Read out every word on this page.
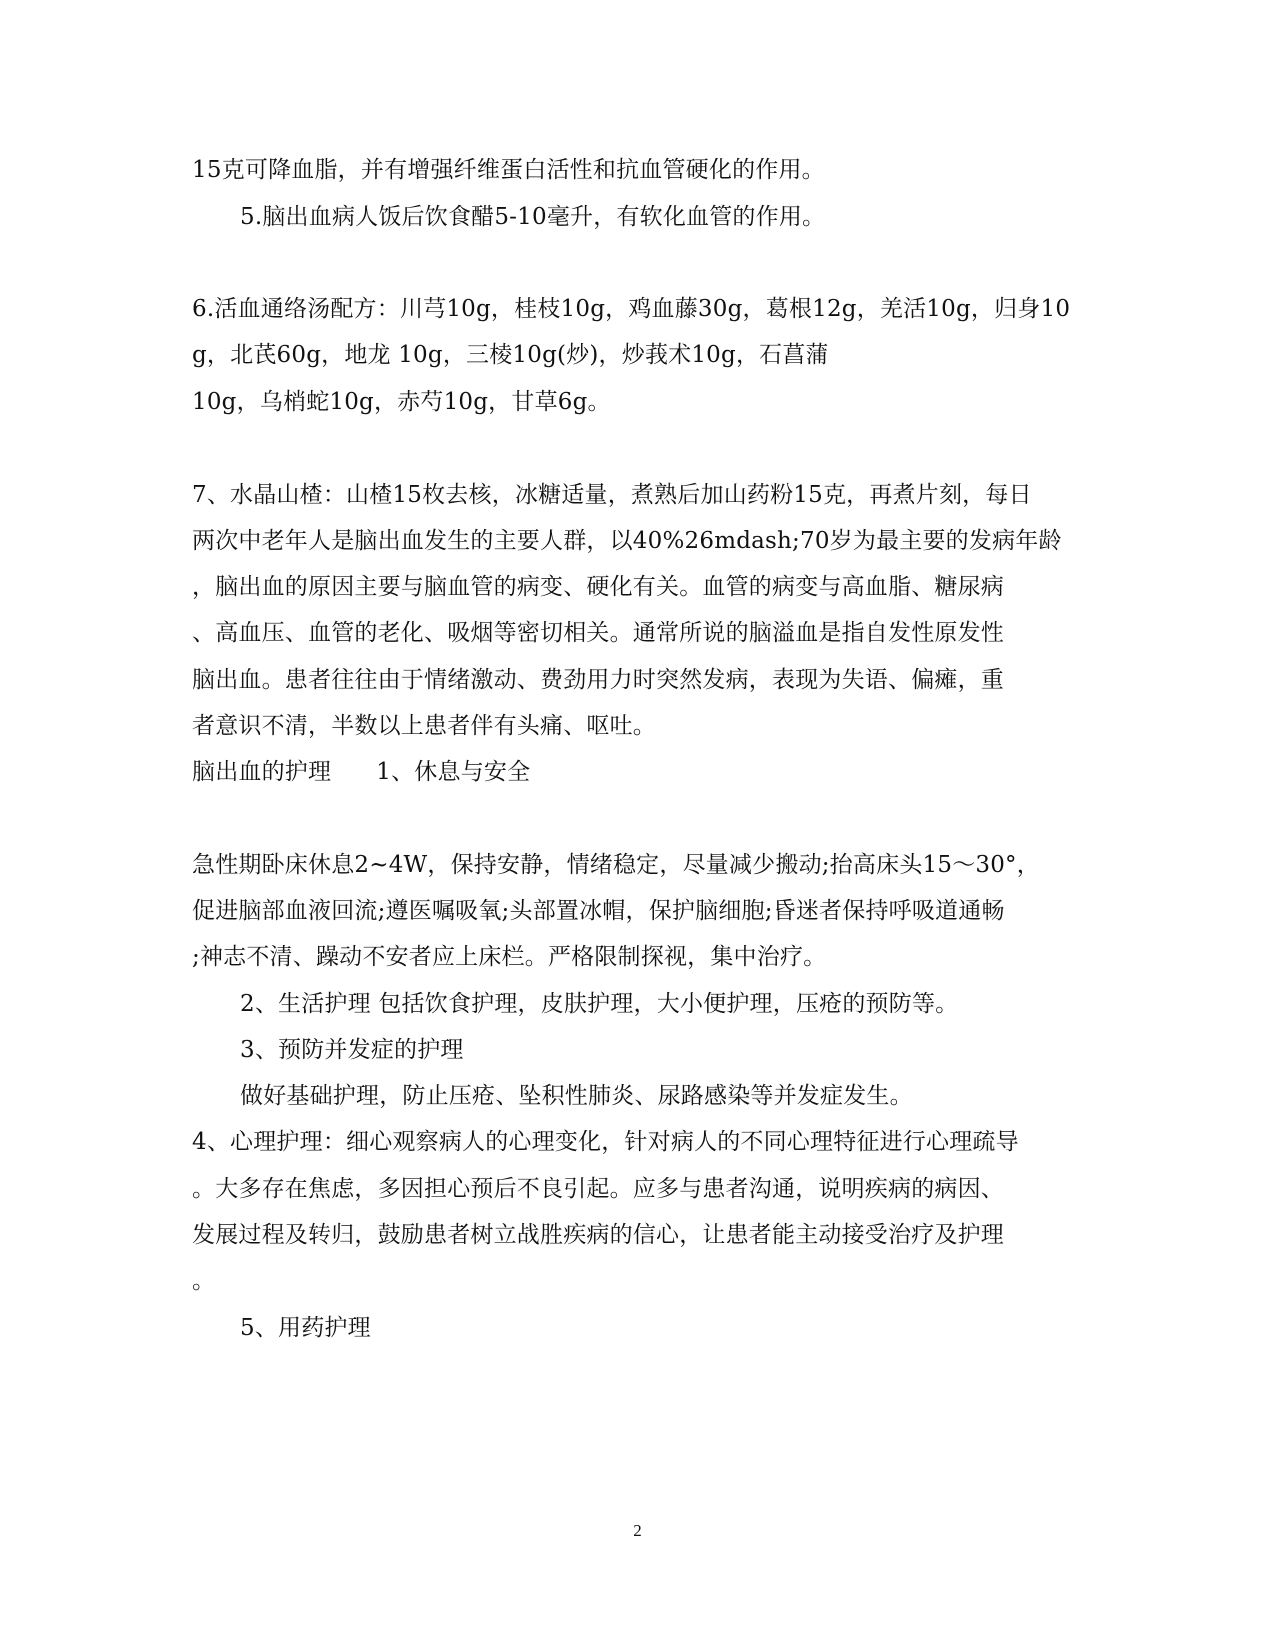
15克可降血脂，并有增强纤维蛋白活性和抗血管硬化的作用。
5.脑出血病人饭后饮食醋5-10毫升，有软化血管的作用。
6.活血通络汤配方：川芎10g，桂枝10g，鸡血藤30g，葛根12g，羌活10g，归身10
g，北芪60g，地龙 10g，三棱10g(炒)，炒莪术10g，石菖蒲
10g，乌梢蛇10g，赤芍10g，甘草6g。
7、水晶山楂：山楂15枚去核，冰糖适量，煮熟后加山药粉15克，再煮片刻，每日
两次中老年人是脑出血发生的主要人群，以40%26mdash;70岁为最主要的发病年龄
，脑出血的原因主要与脑血管的病变、硬化有关。血管的病变与高血脂、糖尿病
、高血压、血管的老化、吸烟等密切相关。通常所说的脑溢血是指自发性原发性
脑出血。患者往往由于情绪激动、费劲用力时突然发病，表现为失语、偏瘫，重
者意识不清，半数以上患者伴有头痛、呕吐。
脑出血的护理      1、休息与安全
急性期卧床休息2~4W，保持安静，情绪稳定，尽量减少搬动;抬高床头15～30°，
促进脑部血液回流;遵医嘱吸氧;头部置冰帽，保护脑细胞;昏迷者保持呼吸道通畅
;神志不清、躁动不安者应上床栏。严格限制探视，集中治疗。
2、生活护理 包括饮食护理，皮肤护理，大小便护理，压疮的预防等。
3、预防并发症的护理
做好基础护理，防止压疮、坠积性肺炎、尿路感染等并发症发生。
4、心理护理：细心观察病人的心理变化，针对病人的不同心理特征进行心理疏导
。大多存在焦虑，多因担心预后不良引起。应多与患者沟通，说明疾病的病因、
发展过程及转归，鼓励患者树立战胜疾病的信心，让患者能主动接受治疗及护理
。
5、用药护理
2
